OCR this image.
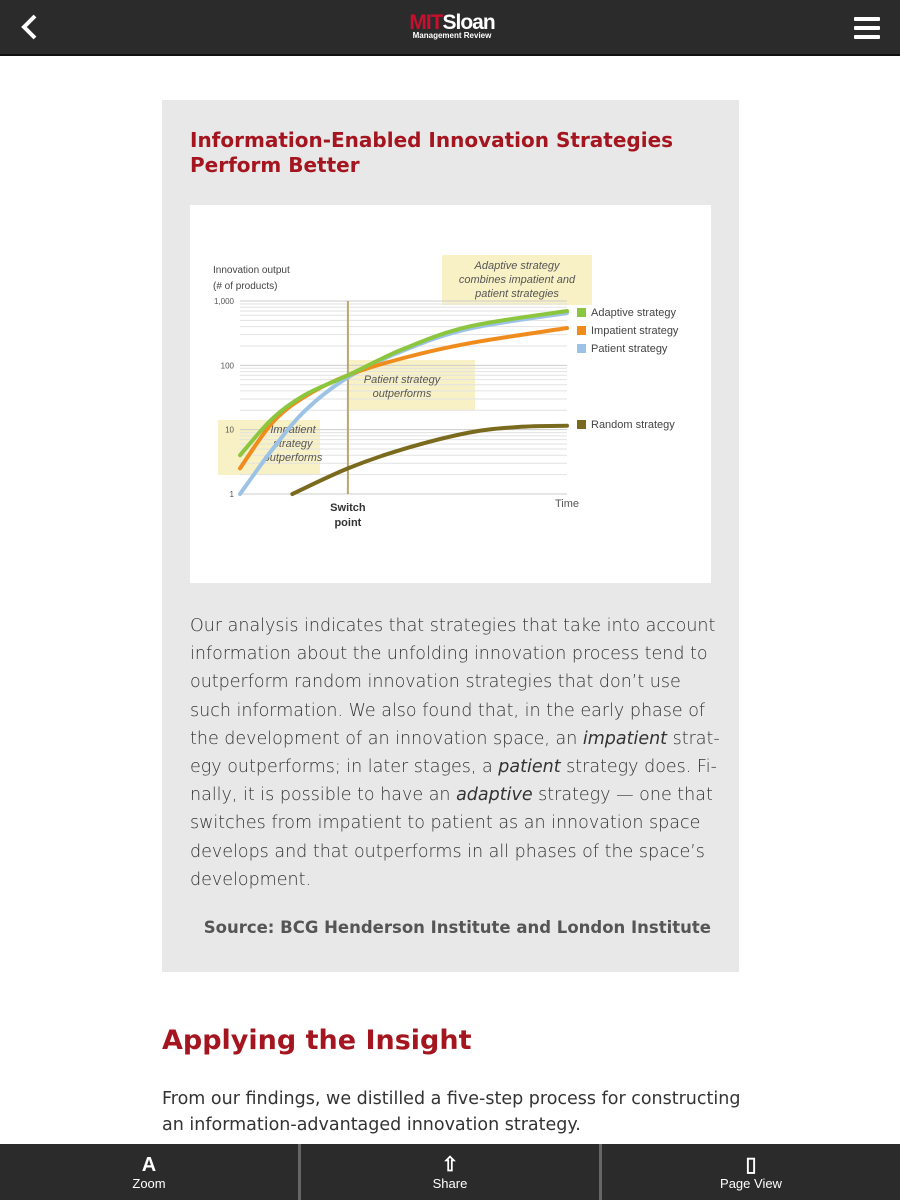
MITSloan
Management Review
Information-Enabled Innovation Strategies
Perform Better
1,000
100
10
1
Innovation output
(# of products)
Time
Switch
point
Impatient
strategy
outperforms
Patient strategy
outperforms
Adaptive strategy
combines impatient and
patient strategies
Adaptive strategy
Impatient strategy
Patient strategy
Random strategy
Our analysis indicates that strategies that take into account
information about the unfolding innovation process tend to
outperform random innovation strategies that don’t use
such information. We also found that, in the early phase of
the development of an innovation space, an impatient strat-
egy outperforms; in later stages, a patient strategy does. Fi-
nally, it is possible to have an adaptive strategy — one that
switches from impatient to patient as an innovation space
develops and that outperforms in all phases of the space’s
development.
Source: BCG Henderson Institute and London Institute
Applying the Insight
From our findings, we distilled a five-step process for constructing
an information-advantaged innovation strategy.
A
Zoom
⇧
Share
▯
Page View
